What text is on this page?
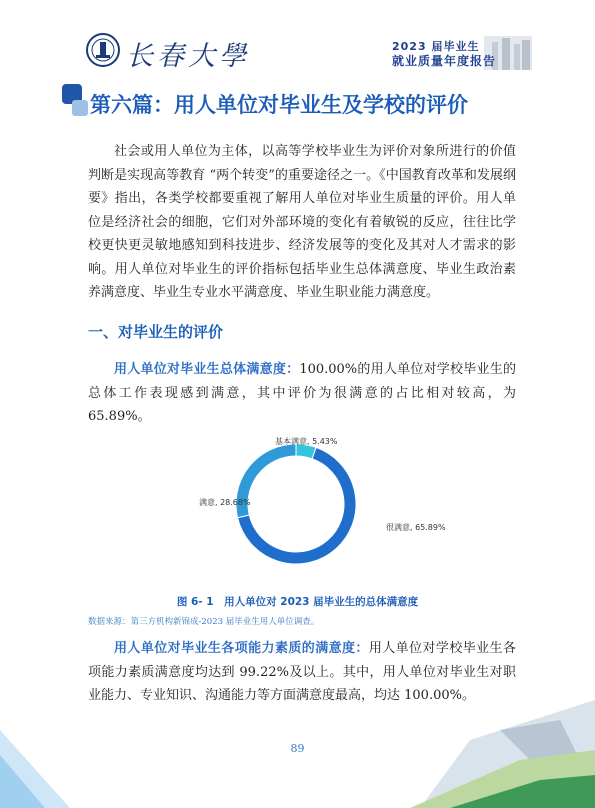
长春大學	2023 届毕业生
就业质量年度报告
第六篇：用人单位对毕业生及学校的评价

社会或用人单位为主体，以高等学校毕业生为评价对象所进行的价值判断是实现高等教育 “两个转变”的重要途径之一。《中国教育改革和发展纲要》指出，各类学校都要重视了解用人单位对毕业生质量的评价。用人单位是经济社会的细胞，它们对外部环境的变化有着敏锐的反应，往往比学校更快更灵敏地感知到科技进步、经济发展等的变化及其对人才需求的影响。用人单位对毕业生的评价指标包括毕业生总体满意度、毕业生政治素养满意度、毕业生专业水平满意度、毕业生职业能力满意度。

一、对毕业生的评价

用人单位对毕业生总体满意度：100.00%的用人单位对学校毕业生的总体工作表现感到满意，其中评价为很满意的占比相对较高，为 65.89%。

很满意, 65.89%
满意, 28.68%
基本满意, 5.43%
图 6- 1　用人单位对 2023 届毕业生的总体满意度
数据来源：第三方机构新锦成-2023 届毕业生用人单位调查。

用人单位对毕业生各项能力素质的满意度：用人单位对学校毕业生各项能力素质满意度均达到 99.22%及以上。其中，用人单位对毕业生对职业能力、专业知识、沟通能力等方面满意度最高，均达 100.00%。

89
